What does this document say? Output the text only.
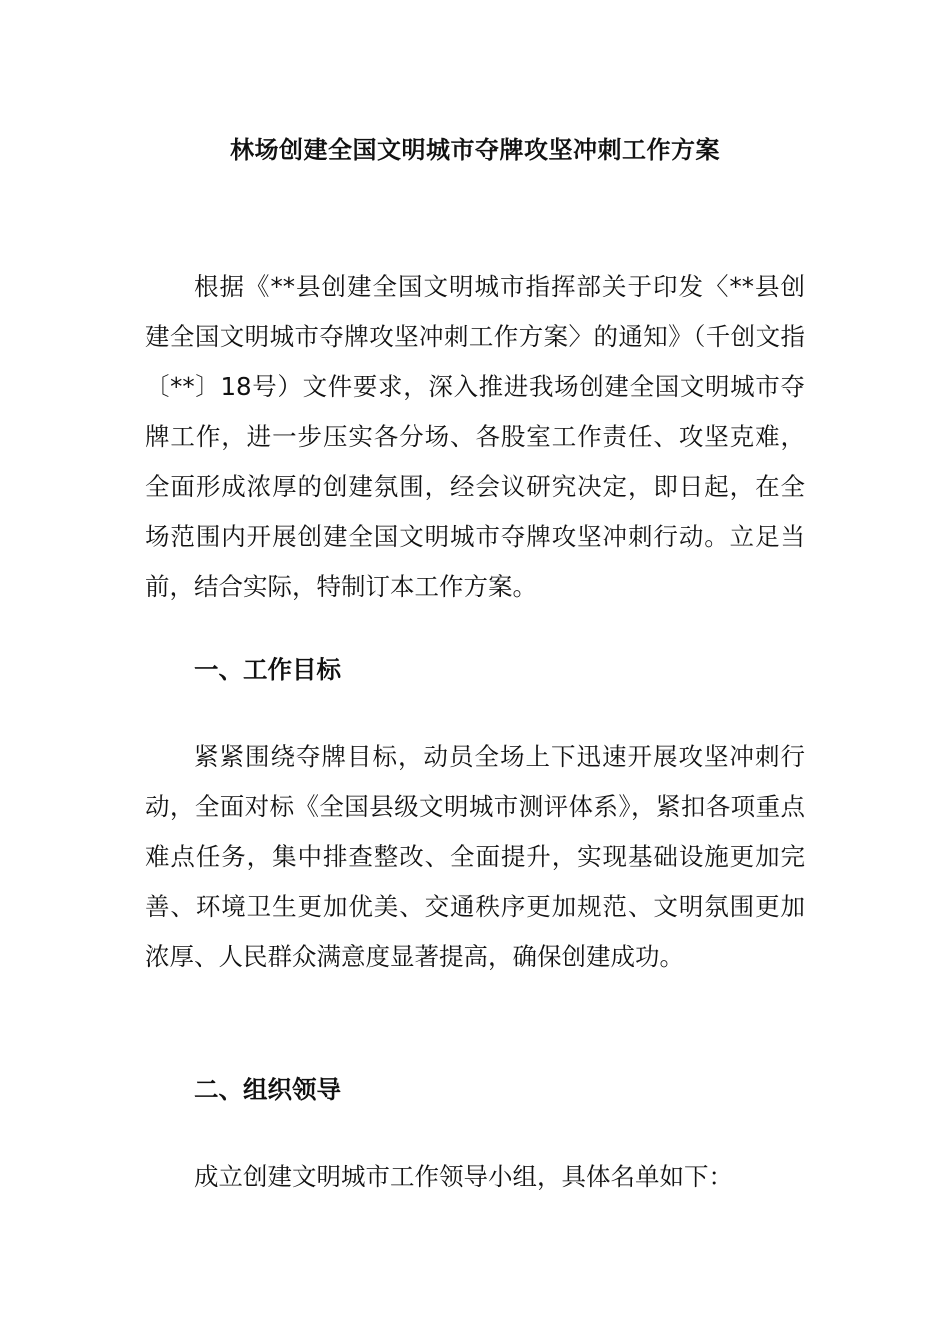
林场创建全国文明城市夺牌攻坚冲刺工作方案

根据《**县创建全国文明城市指挥部关于印发〈**县创建全国文明城市夺牌攻坚冲刺工作方案〉的通知》（千创文指〔**〕18号）文件要求，深入推进我场创建全国文明城市夺牌工作，进一步压实各分场、各股室工作责任、攻坚克难，全面形成浓厚的创建氛围，经会议研究决定，即日起，在全场范围内开展创建全国文明城市夺牌攻坚冲刺行动。立足当前，结合实际，特制订本工作方案。

一、工作目标

紧紧围绕夺牌目标，动员全场上下迅速开展攻坚冲刺行动，全面对标《全国县级文明城市测评体系》，紧扣各项重点难点任务，集中排查整改、全面提升，实现基础设施更加完善、环境卫生更加优美、交通秩序更加规范、文明氛围更加浓厚、人民群众满意度显著提高，确保创建成功。

二、组织领导

成立创建文明城市工作领导小组，具体名单如下：
